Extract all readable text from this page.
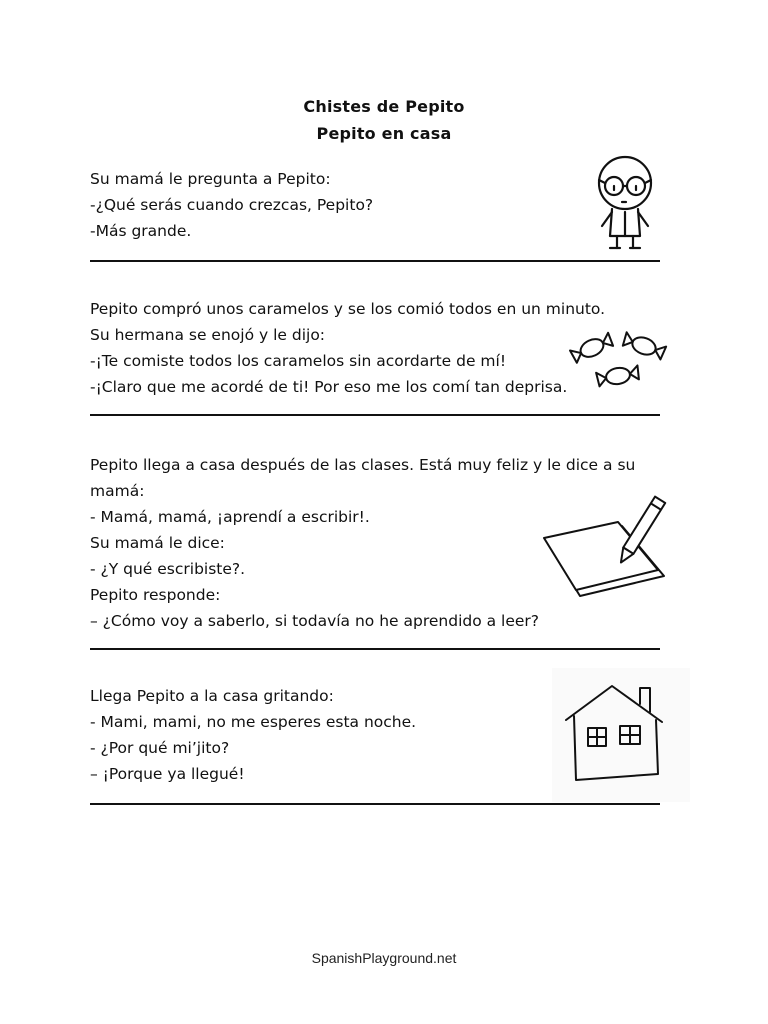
Chistes de Pepito
Pepito en casa
Su mamá le pregunta a Pepito:
-¿Qué serás cuando crezcas, Pepito?
-Más grande.
Pepito compró unos caramelos y se los comió todos en un minuto.
Su hermana se enojó y le dijo:
-¡Te comiste todos los caramelos sin acordarte de mí!
-¡Claro que me acordé de ti! Por eso me los comí tan deprisa.
Pepito llega a casa después de las clases. Está muy feliz y le dice a su
mamá:
- Mamá, mamá, ¡aprendí a escribir!.
Su mamá le dice:
- ¿Y qué escribiste?.
Pepito responde:
– ¿Cómo voy a saberlo, si todavía no he aprendido a leer?
Llega Pepito a la casa gritando:
- Mami, mami, no me esperes esta noche.
- ¿Por qué mi’jito?
– ¡Porque ya llegué!
SpanishPlayground.net
